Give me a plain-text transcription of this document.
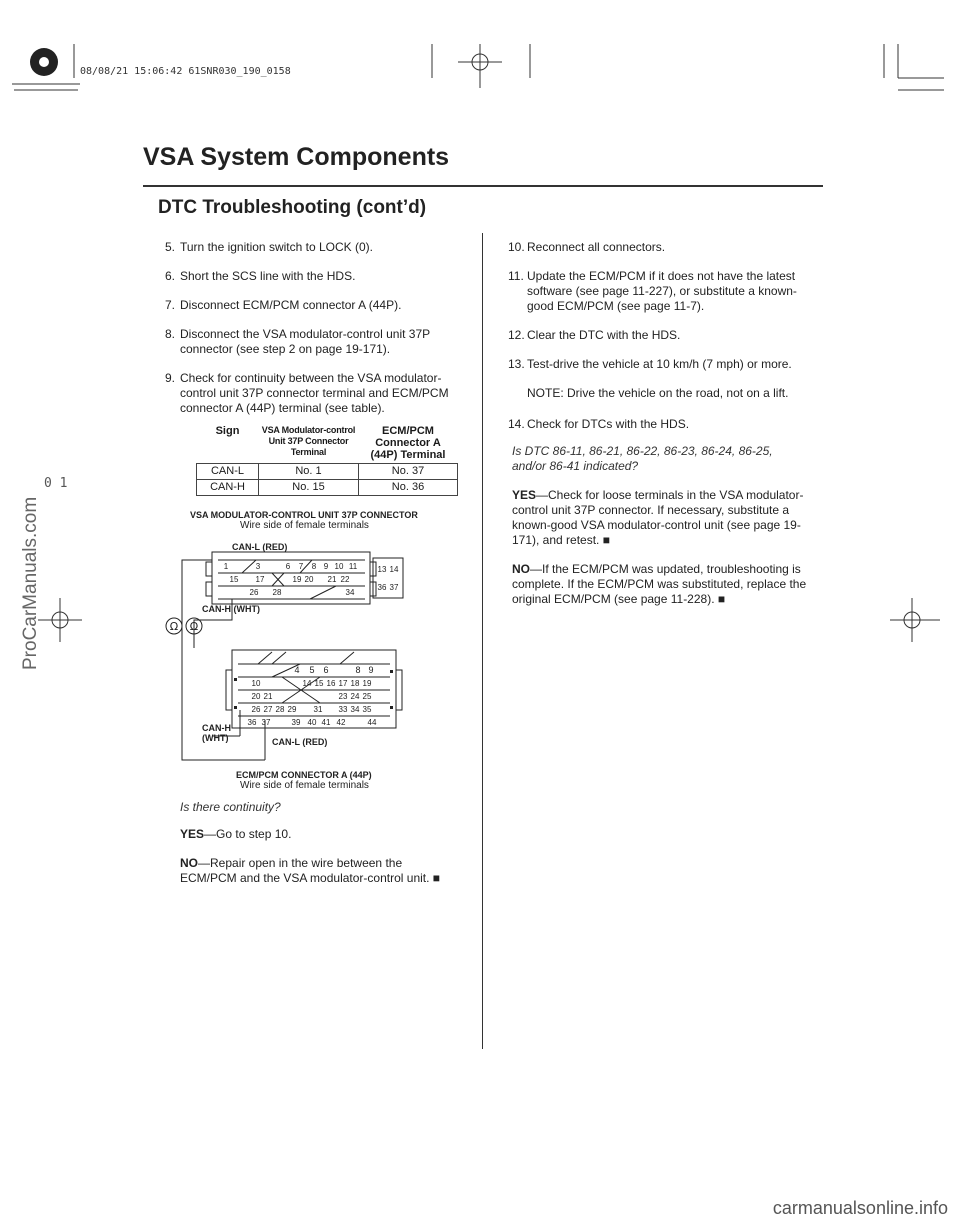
08/08/21 15:06:42 61SNR030_190_0158
VSA System Components
DTC Troubleshooting (cont’d)
5. Turn the ignition switch to LOCK (0).
6. Short the SCS line with the HDS.
7. Disconnect ECM/PCM connector A (44P).
8. Disconnect the VSA modulator-control unit 37P connector (see step 2 on page 19-171).
9. Check for continuity between the VSA modulator-control unit 37P connector terminal and ECM/PCM connector A (44P) terminal (see table).
Sign	VSA Modulator-control Unit 37P Connector Terminal	ECM/PCM Connector A (44P) Terminal
CAN-L	No. 1	No. 37
CAN-H	No. 15	No. 36
VSA MODULATOR-CONTROL UNIT 37P CONNECTOR
Wire side of female terminals
1	3	6 7 8 9 10 11
15 17	19 20 21 22
26 28	34
13 14
36 37
4 5 6	8 9
10	14 15 16 17 18 19
20 21	23 24 25
26 27 28 29 31 33 34 35
36 37	39 40 41 42	44
Ω Ω
CAN-L (RED)
CAN-H (WHT)
CAN-H (WHT)	CAN-L (RED)
ECM/PCM CONNECTOR A (44P)
Wire side of female terminals
Is there continuity?
YES—Go to step 10.
NO—Repair open in the wire between the ECM/PCM and the VSA modulator-control unit. ■
10. Reconnect all connectors.
11. Update the ECM/PCM if it does not have the latest software (see page 11-227), or substitute a known-good ECM/PCM (see page 11-7).
12. Clear the DTC with the HDS.
13. Test-drive the vehicle at 10 km/h (7 mph) or more.
NOTE: Drive the vehicle on the road, not on a lift.
14. Check for DTCs with the HDS.
Is DTC 86-11, 86-21, 86-22, 86-23, 86-24, 86-25, and/or 86-41 indicated?
YES—Check for loose terminals in the VSA modulator-control unit 37P connector. If necessary, substitute a known-good VSA modulator-control unit (see page 19-171), and retest. ■
NO—If the ECM/PCM was updated, troubleshooting is complete. If the ECM/PCM was substituted, replace the original ECM/PCM (see page 11-228). ■
ProCarManuals.com
0 1
carmanualsonline.info
